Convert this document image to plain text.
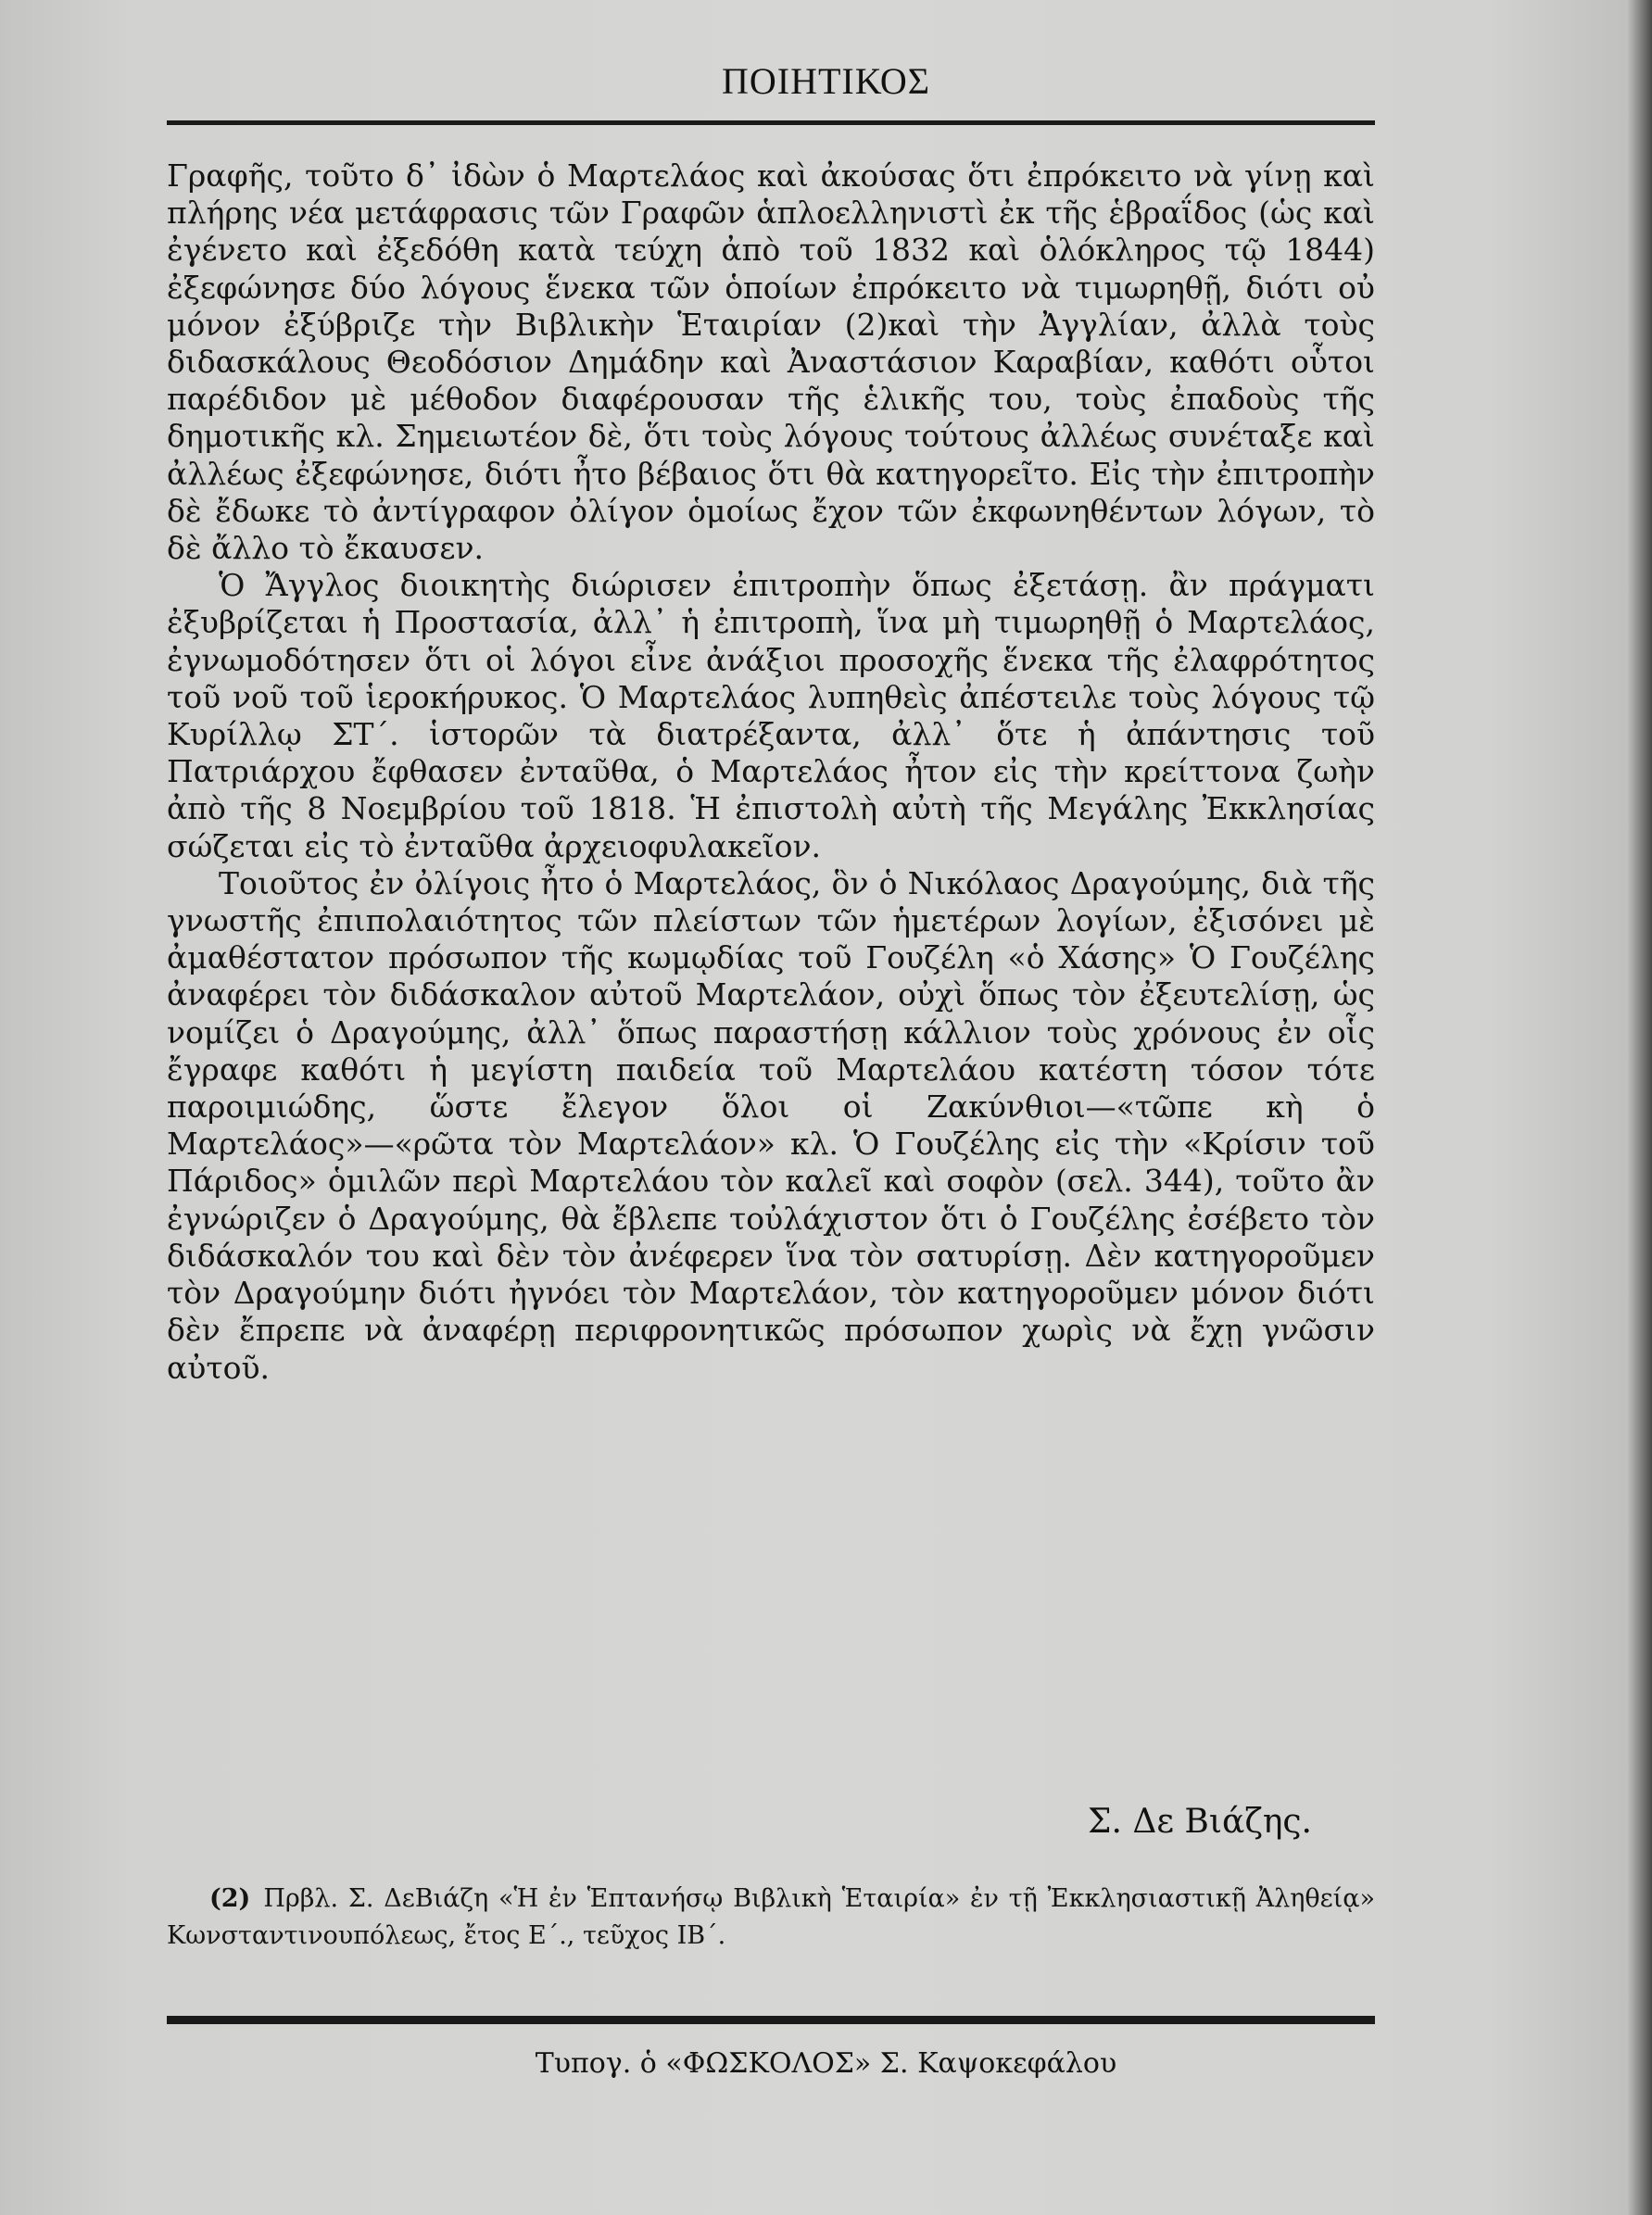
ΠΟΙΗΤΙΚΟΣ

Γραφῆς, τοῦτο δ᾽ ἰδὼν ὁ Μαρτελάος καὶ ἀκούσας ὅτι ἐπρόκειτο νὰ γίνῃ καὶ πλήρης νέα μετάφρασις τῶν Γραφῶν ἁπλοελληνιστὶ ἐκ τῆς ἑβραΐδος (ὡς καὶ ἐγένετο καὶ ἐξεδόθη κατὰ τεύχη ἀπὸ τοῦ 1832 καὶ ὁλόκληρος τῷ 1844) ἐξεφώνησε δύο λόγους ἕνεκα τῶν ὁποίων ἐπρόκειτο νὰ τιμωρηθῇ, διότι οὐ μόνον ἐξύβριζε τὴν Βιβλικὴν Ἑταιρίαν (2)καὶ τὴν Ἀγγλίαν, ἀλλὰ τοὺς διδασκάλους Θεοδόσιον Δημάδην καὶ Ἀναστάσιον Καραβίαν, καθότι οὗτοι παρέδιδον μὲ μέθοδον διαφέρουσαν τῆς ἑλικῆς του, τοὺς ἐπαδοὺς τῆς δημοτικῆς κλ. Σημειωτέον δὲ, ὅτι τοὺς λόγους τούτους ἀλλέως συνέταξε καὶ ἀλλέως ἐξεφώνησε, διότι ἦτο βέβαιος ὅτι θὰ κατηγορεῖτο. Εἰς τὴν ἐπιτροπὴν δὲ ἔδωκε τὸ ἀντίγραφον ὀλίγον ὁμοίως ἔχον τῶν ἐκφωνηθέντων λόγων, τὸ δὲ ἄλλο τὸ ἔκαυσεν.

Ὁ Ἄγγλος διοικητὴς διώρισεν ἐπιτροπὴν ὅπως ἐξετάσῃ. ἂν πράγματι ἐξυβρίζεται ἡ Προστασία, ἀλλ᾽ ἡ ἐπιτροπὴ, ἵνα μὴ τιμωρηθῇ ὁ Μαρτελάος, ἐγνωμοδότησεν ὅτι οἱ λόγοι εἶνε ἀνάξιοι προσοχῆς ἕνεκα τῆς ἐλαφρότητος τοῦ νοῦ τοῦ ἱεροκήρυκος. Ὁ Μαρτελάος λυπηθεὶς ἀπέστειλε τοὺς λόγους τῷ Κυρίλλῳ ΣΤ΄. ἱστορῶν τὰ διατρέξαντα, ἀλλ᾽ ὅτε ἡ ἀπάντησις τοῦ Πατριάρχου ἔφθασεν ἐνταῦθα, ὁ Μαρτελάος ἦτον εἰς τὴν κρείττονα ζωὴν ἀπὸ τῆς 8 Νοεμβρίου τοῦ 1818. Ἡ ἐπιστολὴ αὐτὴ τῆς Μεγάλης Ἐκκλησίας σώζεται εἰς τὸ ἐνταῦθα ἀρχειοφυλακεῖον.

Τοιοῦτος ἐν ὀλίγοις ἦτο ὁ Μαρτελάος, ὃν ὁ Νικόλαος Δραγούμης, διὰ τῆς γνωστῆς ἐπιπολαιότητος τῶν πλείστων τῶν ἡμετέρων λογίων, ἐξισόνει μὲ ἀμαθέστατον πρόσωπον τῆς κωμῳδίας τοῦ Γουζέλη «ὁ Χάσης» Ὁ Γουζέλης ἀναφέρει τὸν διδάσκαλον αὐτοῦ Μαρτελάον, οὐχὶ ὅπως τὸν ἐξευτελίσῃ, ὡς νομίζει ὁ Δραγούμης, ἀλλ᾽ ὅπως παραστήσῃ κάλλιον τοὺς χρόνους ἐν οἷς ἔγραφε καθότι ἡ μεγίστη παιδεία τοῦ Μαρτελάου κατέστη τόσον τότε παροιμιώδης, ὥστε ἔλεγον ὅλοι οἱ Ζακύνθιοι—«τῶπε κὴ ὁ Μαρτελάος»—«ρῶτα τὸν Μαρτελάον» κλ. Ὁ Γουζέλης εἰς τὴν «Κρίσιν τοῦ Πάριδος» ὁμιλῶν περὶ Μαρτελάου τὸν καλεῖ καὶ σοφὸν (σελ. 344), τοῦτο ἂν ἐγνώριζεν ὁ Δραγούμης, θὰ ἔβλεπε τοὐλάχιστον ὅτι ὁ Γουζέλης ἐσέβετο τὸν διδάσκαλόν του καὶ δὲν τὸν ἀνέφερεν ἵνα τὸν σατυρίσῃ. Δὲν κατηγοροῦμεν τὸν Δραγούμην διότι ἠγνόει τὸν Μαρτελάον, τὸν κατηγοροῦμεν μόνον διότι δὲν ἔπρεπε νὰ ἀναφέρῃ περιφρονητικῶς πρόσωπον χωρὶς νὰ ἔχῃ γνῶσιν αὐτοῦ.

Σ. Δε Βιάζης.
(2) Πρβλ. Σ. ΔεΒιάζη «Ἡ ἐν Ἑπτανήσῳ Βιβλικὴ Ἑταιρία» ἐν τῇ Ἐκκλησιαστικῇ Ἀληθείᾳ» Κωνσταντινουπόλεως, ἔτος Ε΄., τεῦχος ΙΒ΄.
Τυπογ. ὁ «ΦΩΣΚΟΛΟΣ» Σ. Καψοκεφάλου
